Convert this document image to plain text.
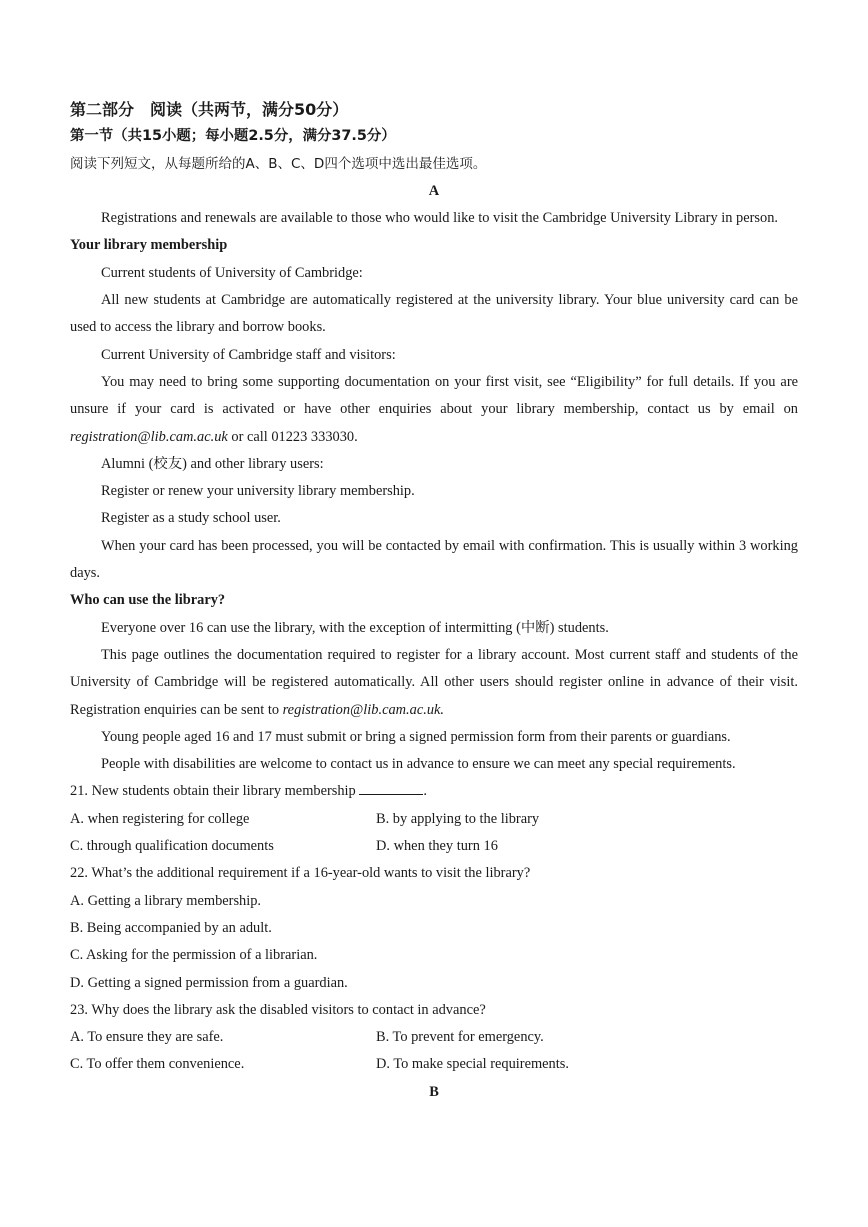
第二部分　阅读（共两节，满分50分）
第一节（共15小题；每小题2.5分，满分37.5分）
阅读下列短文，从每题所给的A、B、C、D四个选项中选出最佳选项。
A
Registrations and renewals are available to those who would like to visit the Cambridge University Library in person.
Your library membership
Current students of University of Cambridge:
All new students at Cambridge are automatically registered at the university library. Your blue university card can be used to access the library and borrow books.
Current University of Cambridge staff and visitors:
You may need to bring some supporting documentation on your first visit, see “Eligibility” for full details. If you are unsure if your card is activated or have other enquiries about your library membership, contact us by email on registration@lib.cam.ac.uk or call 01223 333030.
Alumni (校友) and other library users:
Register or renew your university library membership.
Register as a study school user.
When your card has been processed, you will be contacted by email with confirmation. This is usually within 3 working days.
Who can use the library?
Everyone over 16 can use the library, with the exception of intermitting (中断) students.
This page outlines the documentation required to register for a library account. Most current staff and students of the University of Cambridge will be registered automatically. All other users should register online in advance of their visit. Registration enquiries can be sent to registration@lib.cam.ac.uk.
Young people aged 16 and 17 must submit or bring a signed permission form from their parents or guardians.
People with disabilities are welcome to contact us in advance to ensure we can meet any special requirements.
21. New students obtain their library membership	.
A. when registering for college	B. by applying to the library
C. through qualification documents	D. when they turn 16
22. What’s the additional requirement if a 16-year-old wants to visit the library?
A. Getting a library membership.
B. Being accompanied by an adult.
C. Asking for the permission of a librarian.
D. Getting a signed permission from a guardian.
23. Why does the library ask the disabled visitors to contact in advance?
A. To ensure they are safe.	B. To prevent for emergency.
C. To offer them convenience.	D. To make special requirements.
B
